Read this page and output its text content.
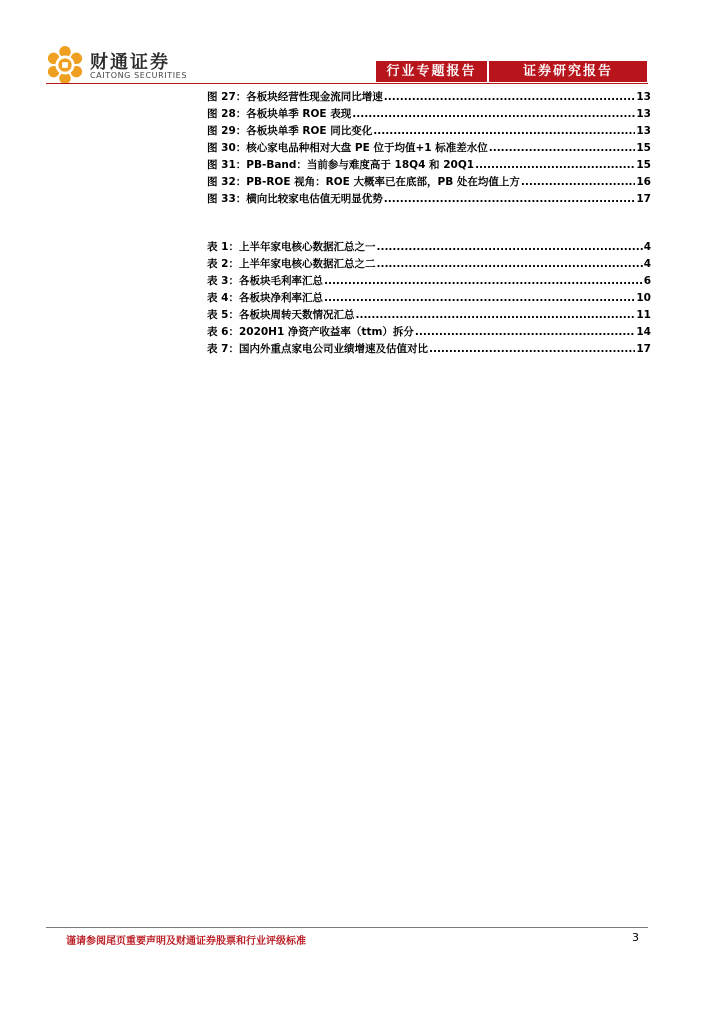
财通证券
CAITONG SECURITIES	行业专题报告	证券研究报告
图 27：各板块经营性现金流同比增速 .....	13
图 28：各板块单季 ROE 表现 .....	13
图 29：各板块单季 ROE 同比变化 .....	13
图 30：核心家电品种相对大盘 PE 位于均值+1 标准差水位 .....	15
图 31：PB-Band：当前参与难度高于 18Q4 和 20Q1 .....	15
图 32：PB-ROE 视角：ROE 大概率已在底部，PB 处在均值上方 .....	16
图 33：横向比较家电估值无明显优势 .....	17
表 1：上半年家电核心数据汇总之一 .....	4
表 2：上半年家电核心数据汇总之二 .....	4
表 3：各板块毛利率汇总 .....	6
表 4：各板块净利率汇总 .....	10
表 5：各板块周转天数情况汇总 .....	11
表 6：2020H1 净资产收益率（ttm）拆分 .....	14
表 7：国内外重点家电公司业绩增速及估值对比 .....	17
谨请参阅尾页重要声明及财通证券股票和行业评级标准	3
